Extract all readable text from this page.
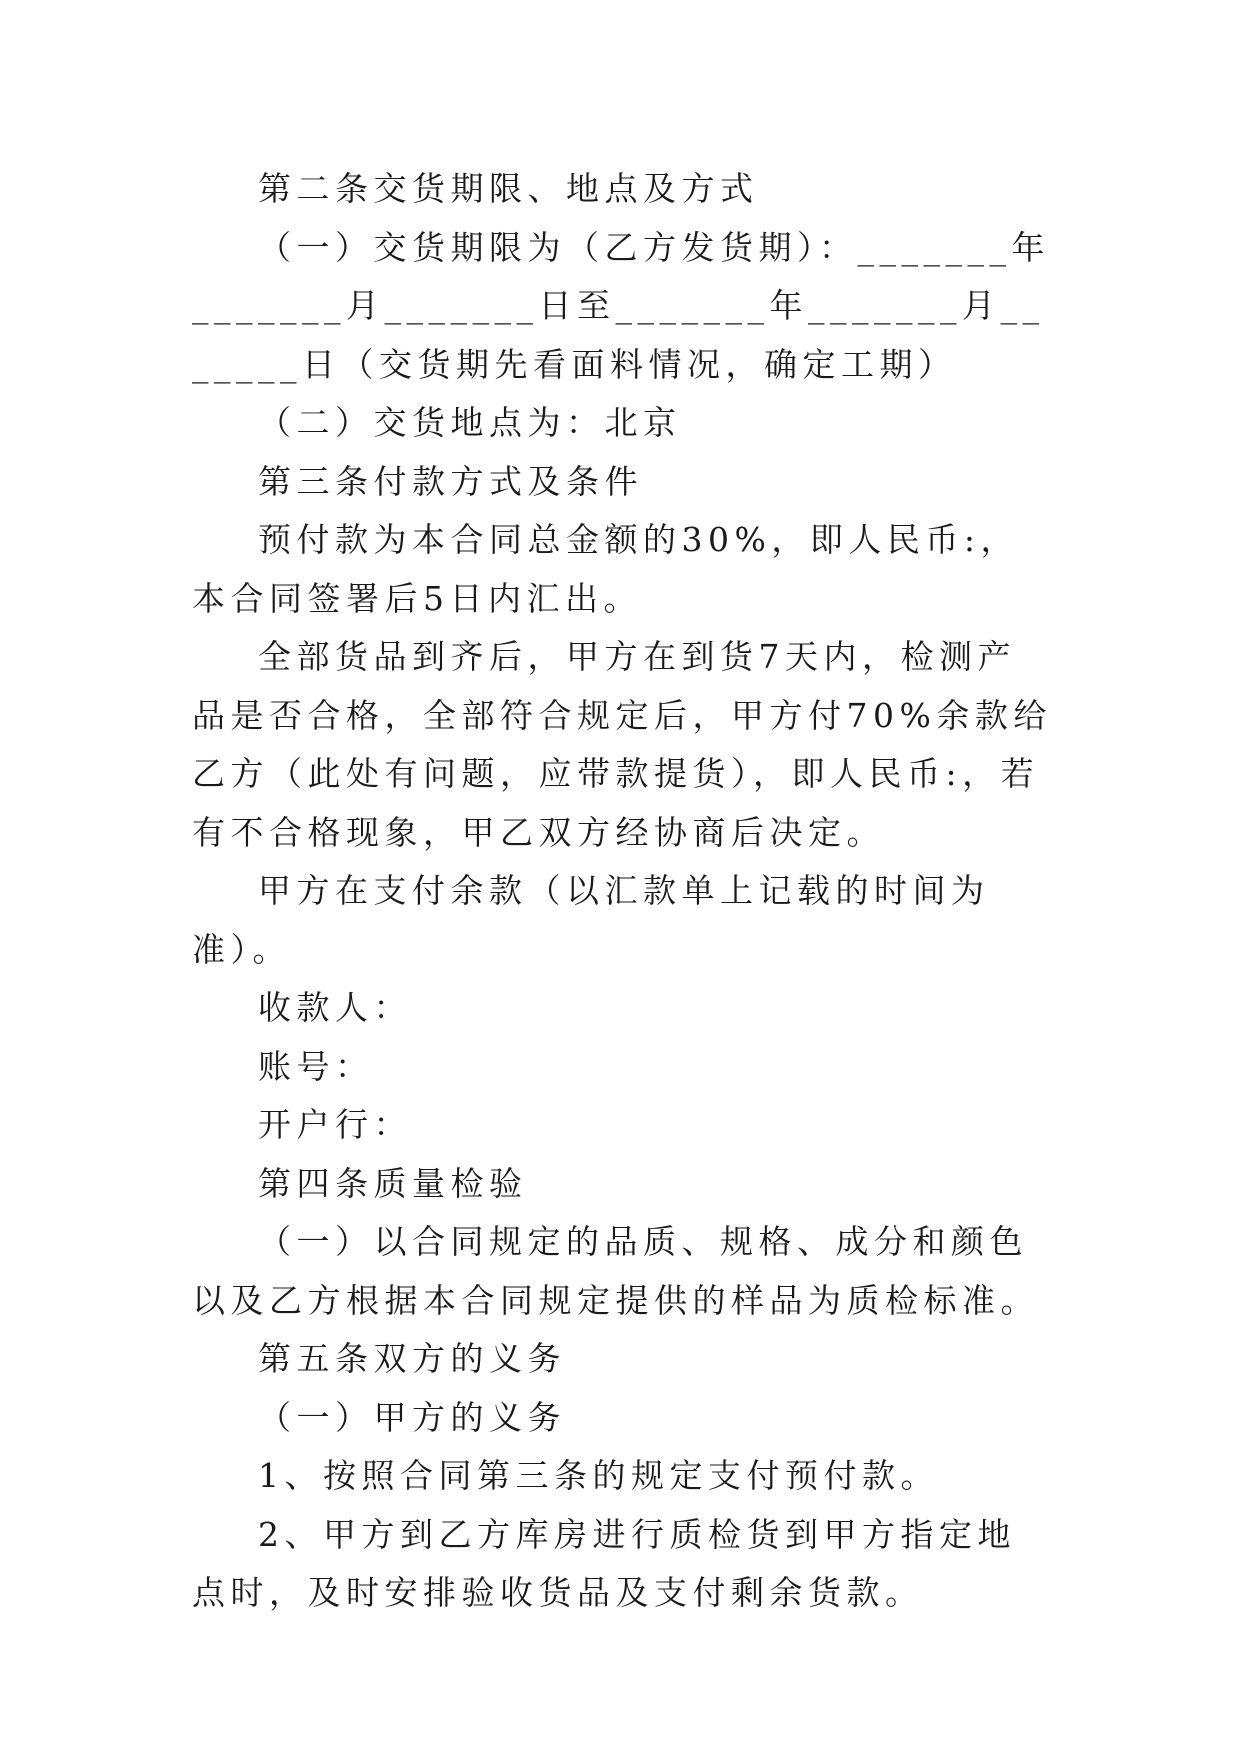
第二条交货期限、地点及方式

（一）交货期限为（乙方发货期）：_______年_______月_______日至_______年_______月_______日（交货期先看面料情况，确定工期）

（二）交货地点为：北京

第三条付款方式及条件

预付款为本合同总金额的30%，即人民币:，本合同签署后5日内汇出。

全部货品到齐后，甲方在到货7天内，检测产品是否合格，全部符合规定后，甲方付70%余款给乙方（此处有问题，应带款提货），即人民币:，若有不合格现象，甲乙双方经协商后决定。

甲方在支付余款（以汇款单上记载的时间为准）。

收款人：

账号：

开户行：

第四条质量检验

（一）以合同规定的品质、规格、成分和颜色以及乙方根据本合同规定提供的样品为质检标准。

第五条双方的义务

（一）甲方的义务

1、按照合同第三条的规定支付预付款。

2、甲方到乙方库房进行质检货到甲方指定地点时，及时安排验收货品及支付剩余货款。
